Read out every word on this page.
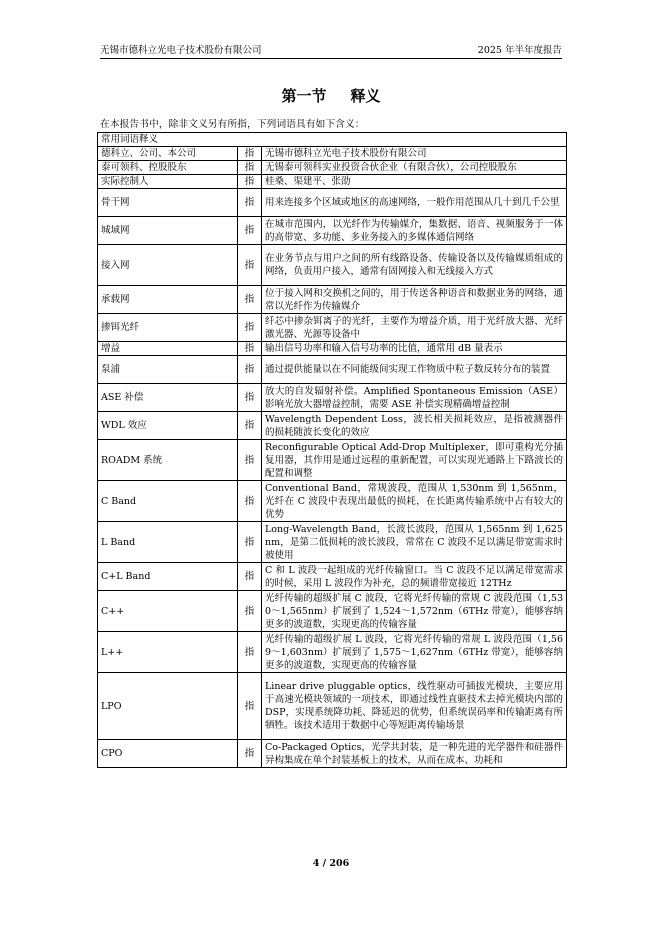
无锡市德科立光电子技术股份有限公司	2025 年半年度报告
第一节 释义
在本报告书中，除非文义另有所指，下列词语具有如下含义：
常用词语释义		
德科立、公司、本公司	指	无锡市德科立光电子技术股份有限公司
泰可领科、控股股东	指	无锡泰可领科实业投资合伙企业（有限合伙），公司控股股东
实际控制人	指	桂桑、渠建平、张劭
骨干网	指	用来连接多个区域或地区的高速网络，一般作用范围从几十到几千公里
城域网	指	在城市范围内，以光纤作为传输媒介，集数据、语音、视频服务于一体的高带宽、多功能、多业务接入的多媒体通信网络
接入网	指	在业务节点与用户之间的所有线路设备、传输设备以及传输媒质组成的网络，负责用户接入，通常有固网接入和无线接入方式
承载网	指	位于接入网和交换机之间的，用于传送各种语音和数据业务的网络，通常以光纤作为传输媒介
掺铒光纤	指	纤芯中掺杂铒离子的光纤，主要作为增益介质，用于光纤放大器、光纤激光器、光源等设备中
增益	指	输出信号功率和输入信号功率的比值，通常用 dB 量表示
泵浦	指	通过提供能量以在不同能级间实现工作物质中粒子数反转分布的装置
ASE 补偿	指	放大的自发辐射补偿。Amplified Spontaneous Emission（ASE）影响光放大器增益控制，需要 ASE 补偿实现精确增益控制
WDL 效应	指	Wavelength Dependent Loss，波长相关损耗效应，是指被测器件的损耗随波长变化的效应
ROADM 系统	指	Reconfigurable Optical Add-Drop Multiplexer，即可重构光分插复用器，其作用是通过远程的重新配置，可以实现光通路上下路波长的配置和调整
C Band	指	Conventional Band，常规波段，范围从 1,530nm 到 1,565nm，光纤在 C 波段中表现出最低的损耗，在长距离传输系统中占有较大的优势
L Band	指	Long-Wavelength Band，长波长波段，范围从 1,565nm 到 1,625nm，是第二低损耗的波长波段，常常在 C 波段不足以满足带宽需求时被使用
C+L Band	指	C 和 L 波段一起组成的光纤传输窗口。当 C 波段不足以满足带宽需求的时候，采用 L 波段作为补充，总的频谱带宽接近 12THz
C++	指	光纤传输的超级扩展 C 波段，它将光纤传输的常规 C 波段范围（1,530～1,565nm）扩展到了 1,524～1,572nm（6THz 带宽），能够容纳更多的波道数，实现更高的传输容量
L++	指	光纤传输的超级扩展 L 波段，它将光纤传输的常规 L 波段范围（1,569～1,603nm）扩展到了 1,575～1,627nm（6THz 带宽），能够容纳更多的波道数，实现更高的传输容量
LPO	指	Linear drive pluggable optics，线性驱动可插拔光模块，主要应用于高速光模块领域的一项技术，即通过线性直驱技术去掉光模块内部的 DSP，实现系统降功耗、降延迟的优势，但系统误码率和传输距离有所牺牲。该技术适用于数据中心等短距离传输场景
CPO	指	Co-Packaged Optics，光学共封装，是一种先进的光学器件和硅器件异构集成在单个封装基板上的技术，从而在成本、功耗和
4 / 206
